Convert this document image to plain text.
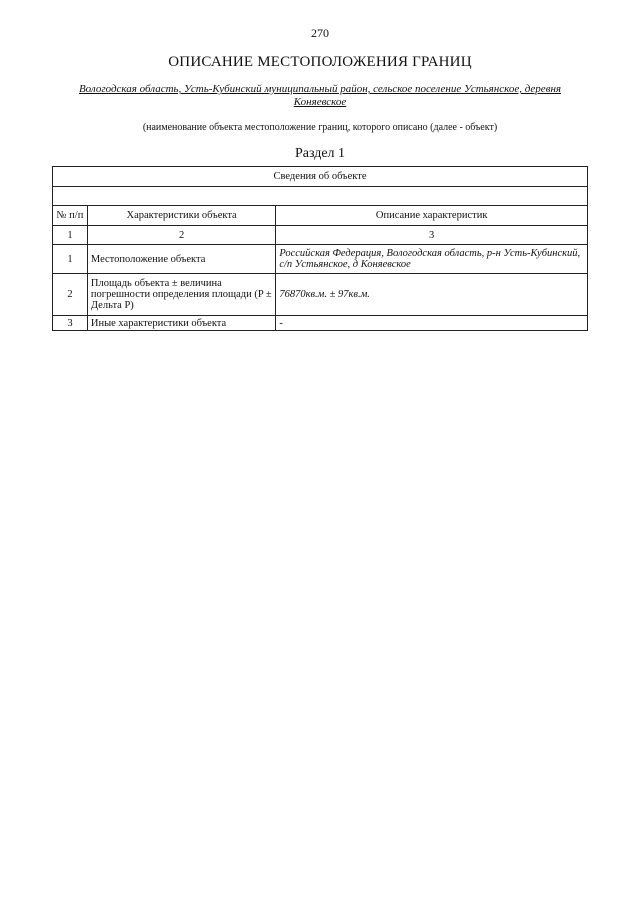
270
ОПИСАНИЕ МЕСТОПОЛОЖЕНИЯ ГРАНИЦ
Вологодская область, Усть-Кубинский муниципальный район, сельское поселение Устьянское, деревня Коняевское
(наименование объекта местоположение границ, которого описано (далее - объект)
Раздел 1
Сведения об объекте		

№ п/п	Характеристики объекта	Описание характеристик
1	2	3
1	Местоположение объекта	Российская Федерация, Вологодская область, р-н Усть-Кубинский, с/п Устьянское, д Коняевское
2	Площадь объекта ± величина погрешности определения площади (P ± Дельта P)	76870кв.м. ± 97кв.м.
3	Иные характеристики объекта	-
